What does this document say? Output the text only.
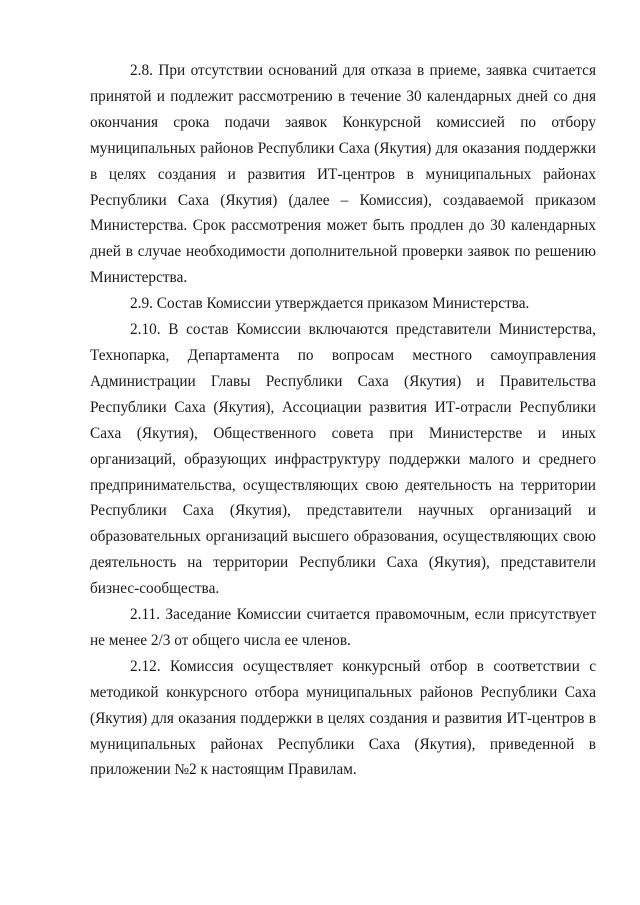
2.8. При отсутствии оснований для отказа в приеме, заявка считается принятой и подлежит рассмотрению в течение 30 календарных дней со дня окончания срока подачи заявок Конкурсной комиссией по отбору муниципальных районов Республики Саха (Якутия) для оказания поддержки в целях создания и развития ИТ-центров в муниципальных районах Республики Саха (Якутия) (далее – Комиссия), создаваемой приказом Министерства. Срок рассмотрения может быть продлен до 30 календарных дней в случае необходимости дополнительной проверки заявок по решению Министерства.

2.9. Состав Комиссии утверждается приказом Министерства.

2.10. В состав Комиссии включаются представители Министерства, Технопарка, Департамента по вопросам местного самоуправления Администрации Главы Республики Саха (Якутия) и Правительства Республики Саха (Якутия), Ассоциации развития ИТ-отрасли Республики Саха (Якутия), Общественного совета при Министерстве и иных организаций, образующих инфраструктуру поддержки малого и среднего предпринимательства, осуществляющих свою деятельность на территории Республики Саха (Якутия), представители научных организаций и образовательных организаций высшего образования, осуществляющих свою деятельность на территории Республики Саха (Якутия), представители бизнес-сообщества.

2.11. Заседание Комиссии считается правомочным, если присутствует не менее 2/3 от общего числа ее членов.

2.12. Комиссия осуществляет конкурсный отбор в соответствии с методикой конкурсного отбора муниципальных районов Республики Саха (Якутия) для оказания поддержки в целях создания и развития ИТ-центров в муниципальных районах Республики Саха (Якутия), приведенной в приложении №2 к настоящим Правилам.
